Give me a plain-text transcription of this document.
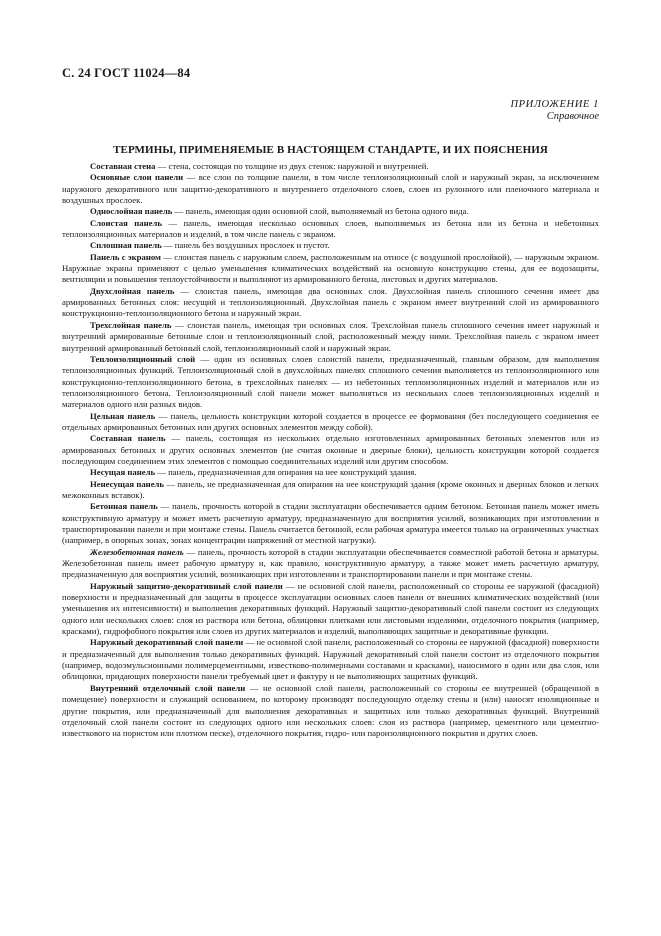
С. 24 ГОСТ 11024—84
ПРИЛОЖЕНИЕ 1
Справочное
ТЕРМИНЫ, ПРИМЕНЯЕМЫЕ В НАСТОЯЩЕМ СТАНДАРТЕ, И ИХ ПОЯСНЕНИЯ

Составная стена — стена, состоящая по толщине из двух стенок: наружной и внутренней.

Основные слои панели — все слои по толщине панели, в том числе теплоизоляционный слой и наружный экран, за исключением наружного декоративного или защитно-декоративного и внутреннего отделочного слоев, слоев из рулонного или пленочного материала и воздушных прослоек.

Однослойная панель — панель, имеющая один основной слой, выполняемый из бетона одного вида.

Слоистая панель — панель, имеющая несколько основных слоев, выполняемых из бетона или из бетона и небетонных теплоизоляционных материалов и изделий, в том числе панель с экраном.

Сплошная панель — панель без воздушных прослоек и пустот.

Панель с экраном — слоистая панель с наружным слоем, расположенным на относе (с воздушной прослойкой), — наружным экраном. Наружные экраны применяют с целью уменьшения климатических воздействий на основную конструкцию стены, для ее водозащиты, вентиляции и повышения теплоустойчивости и выполняют из армированного бетона, листовых и других материалов.

Двухслойная панель — слоистая панель, имеющая два основных слоя. Двухслойная панель сплошного сечения имеет два армированных бетонных слоя: несущий и теплоизоляционный. Двухслойная панель с экраном имеет внутренний слой из армированного конструкционно-теплоизоляционного бетона и наружный экран.

Трехслойная панель — слоистая панель, имеющая три основных слоя. Трехслойная панель сплошного сечения имеет наружный и внутренний армированные бетонные слои и теплоизоляционный слой, расположенный между ними. Трехслойная панель с экраном имеет внутренний армированный бетонный слой, теплоизоляционный слой и наружный экран.

Теплоизоляционный слой — один из основных слоев слоистой панели, предназначенный, главным образом, для выполнения теплоизоляционных функций. Теплоизоляционный слой в двухслойных панелях сплошного сечения выполняется из теплоизоляционного или конструкционно-теплоизоляционного бетона, в трехслойных панелях — из небетонных теплоизоляционных изделий и материалов или из теплоизоляционного бетона. Теплоизоляционный слой панели может выполняться из нескольких слоев теплоизоляционных изделий и материалов одного или разных видов.

Цельная панель — панель, цельность конструкции которой создается в процессе ее формования (без последующего соединения ее отдельных армированных бетонных или других основных элементов между собой).

Составная панель — панель, состоящая из нескольких отдельно изготовленных армированных бетонных элементов или из армированных бетонных и других основных элементов (не считая оконные и дверные блоки), цельность конструкции которой создается последующим соединением этих элементов с помощью соединительных изделий или другим способом.

Несущая панель — панель, предназначенная для опирания на нее конструкций здания.

Ненесущая панель — панель, не предназначенная для опирания на нее конструкций здания (кроме оконных и дверных блоков и легких межоконных вставок).

Бетонная панель — панель, прочность которой в стадии эксплуатации обеспечивается одним бетоном. Бетонная панель может иметь конструктивную арматуру и может иметь расчетную арматуру, предназначенную для восприятия усилий, возникающих при изготовлении и транспортировании панели и при монтаже стены. Панель считается бетонной, если рабочая арматура имеется только на ограниченных участках (например, в опорных зонах, зонах концентрации напряжений от местной нагрузки).

Железобетонная панель — панель, прочность которой в стадии эксплуатации обеспечивается совместной работой бетона и арматуры. Железобетонная панель имеет рабочую арматуру и, как правило, конструктивную арматуру, а также может иметь расчетную арматуру, предназначенную для восприятия усилий, возникающих при изготовлении и транспортировании панели и при монтаже стены.

Наружный защитно-декоративный слой панели — не основной слой панели, расположенный со стороны ее наружной (фасадной) поверхности и предназначенный для защиты в процессе эксплуатации основных слоев панели от внешних климатических воздействий (или уменьшения их интенсивности) и выполнения декоративных функций. Наружный защитно-декоративный слой панели состоит из следующих одного или нескольких слоев: слоя из раствора или бетона, облицовки плитками или листовыми изделиями, отделочного покрытия (например, красками), гидрофобного покрытия или слоев из других материалов и изделий, выполняющих защитные и декоративные функции.

Наружный декоративный слой панели — не основной слой панели, расположенный со стороны ее наружной (фасадной) поверхности и предназначенный для выполнения только декоративных функций. Наружный декоративный слой панели состоит из отделочного покрытия (например, водоэмульсионными полимерцементными, известково-полимерными составами и красками), наносимого в один или два слоя, или облицовки, придающих поверхности панели требуемый цвет и фактуру и не выполняющих защитных функций.

Внутренний отделочный слой панели — не основной слой панели, расположенный со стороны ее внутренней (обращенной в помещение) поверхности и служащий основанием, по которому производят последующую отделку стены и (или) наносят изоляционные и другие покрытия, или предназначенный для выполнения декоративных и защитных или только декоративных функций. Внутренний отделочный слой панели состоит из следующих одного или нескольких слоев: слоя из раствора (например, цементного или цементно-известкового на пористом или плотном песке), отделочного покрытия, гидро- или пароизоляционного покрытия и других слоев.
